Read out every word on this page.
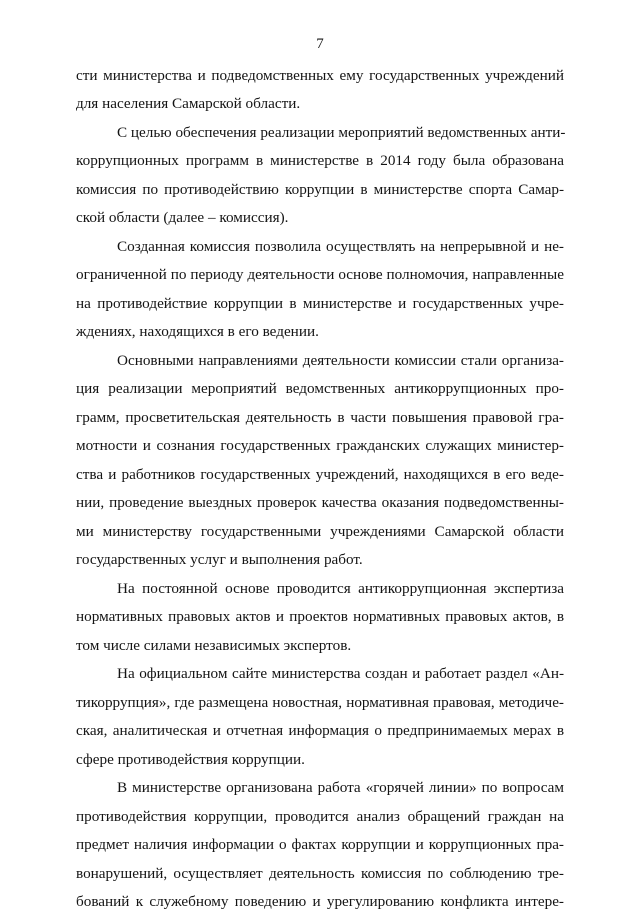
7
сти министерства и подведомственных ему государственных учреждений
для населения Самарской области.
С целью обеспечения реализации мероприятий ведомственных анти-
коррупционных программ в министерстве в 2014 году была образована
комиссия по противодействию коррупции в министерстве спорта Самар-
ской области (далее – комиссия).
Созданная комиссия позволила осуществлять на непрерывной и не-
ограниченной по периоду деятельности основе полномочия, направленные
на противодействие коррупции в министерстве и государственных учре-
ждениях, находящихся в его ведении.
Основными направлениями деятельности комиссии стали организа-
ция реализации мероприятий ведомственных антикоррупционных про-
грамм, просветительская деятельность в части повышения правовой гра-
мотности и сознания государственных гражданских служащих министер-
ства и работников государственных учреждений, находящихся в его веде-
нии, проведение выездных проверок качества оказания подведомственны-
ми министерству государственными учреждениями Самарской области
государственных услуг и выполнения работ.
На постоянной основе проводится антикоррупционная экспертиза
нормативных правовых актов и проектов нормативных правовых актов, в
том числе силами независимых экспертов.
На официальном сайте министерства создан и работает раздел «Ан-
тикоррупция», где размещена новостная, нормативная правовая, методиче-
ская, аналитическая и отчетная информация о предпринимаемых мерах в
сфере противодействия коррупции.
В министерстве организована работа «горячей линии» по вопросам
противодействия коррупции, проводится анализ обращений граждан на
предмет наличия информации о фактах коррупции и коррупционных пра-
вонарушений, осуществляет деятельность комиссия по соблюдению тре-
бований к служебному поведению и урегулированию конфликта интере-
